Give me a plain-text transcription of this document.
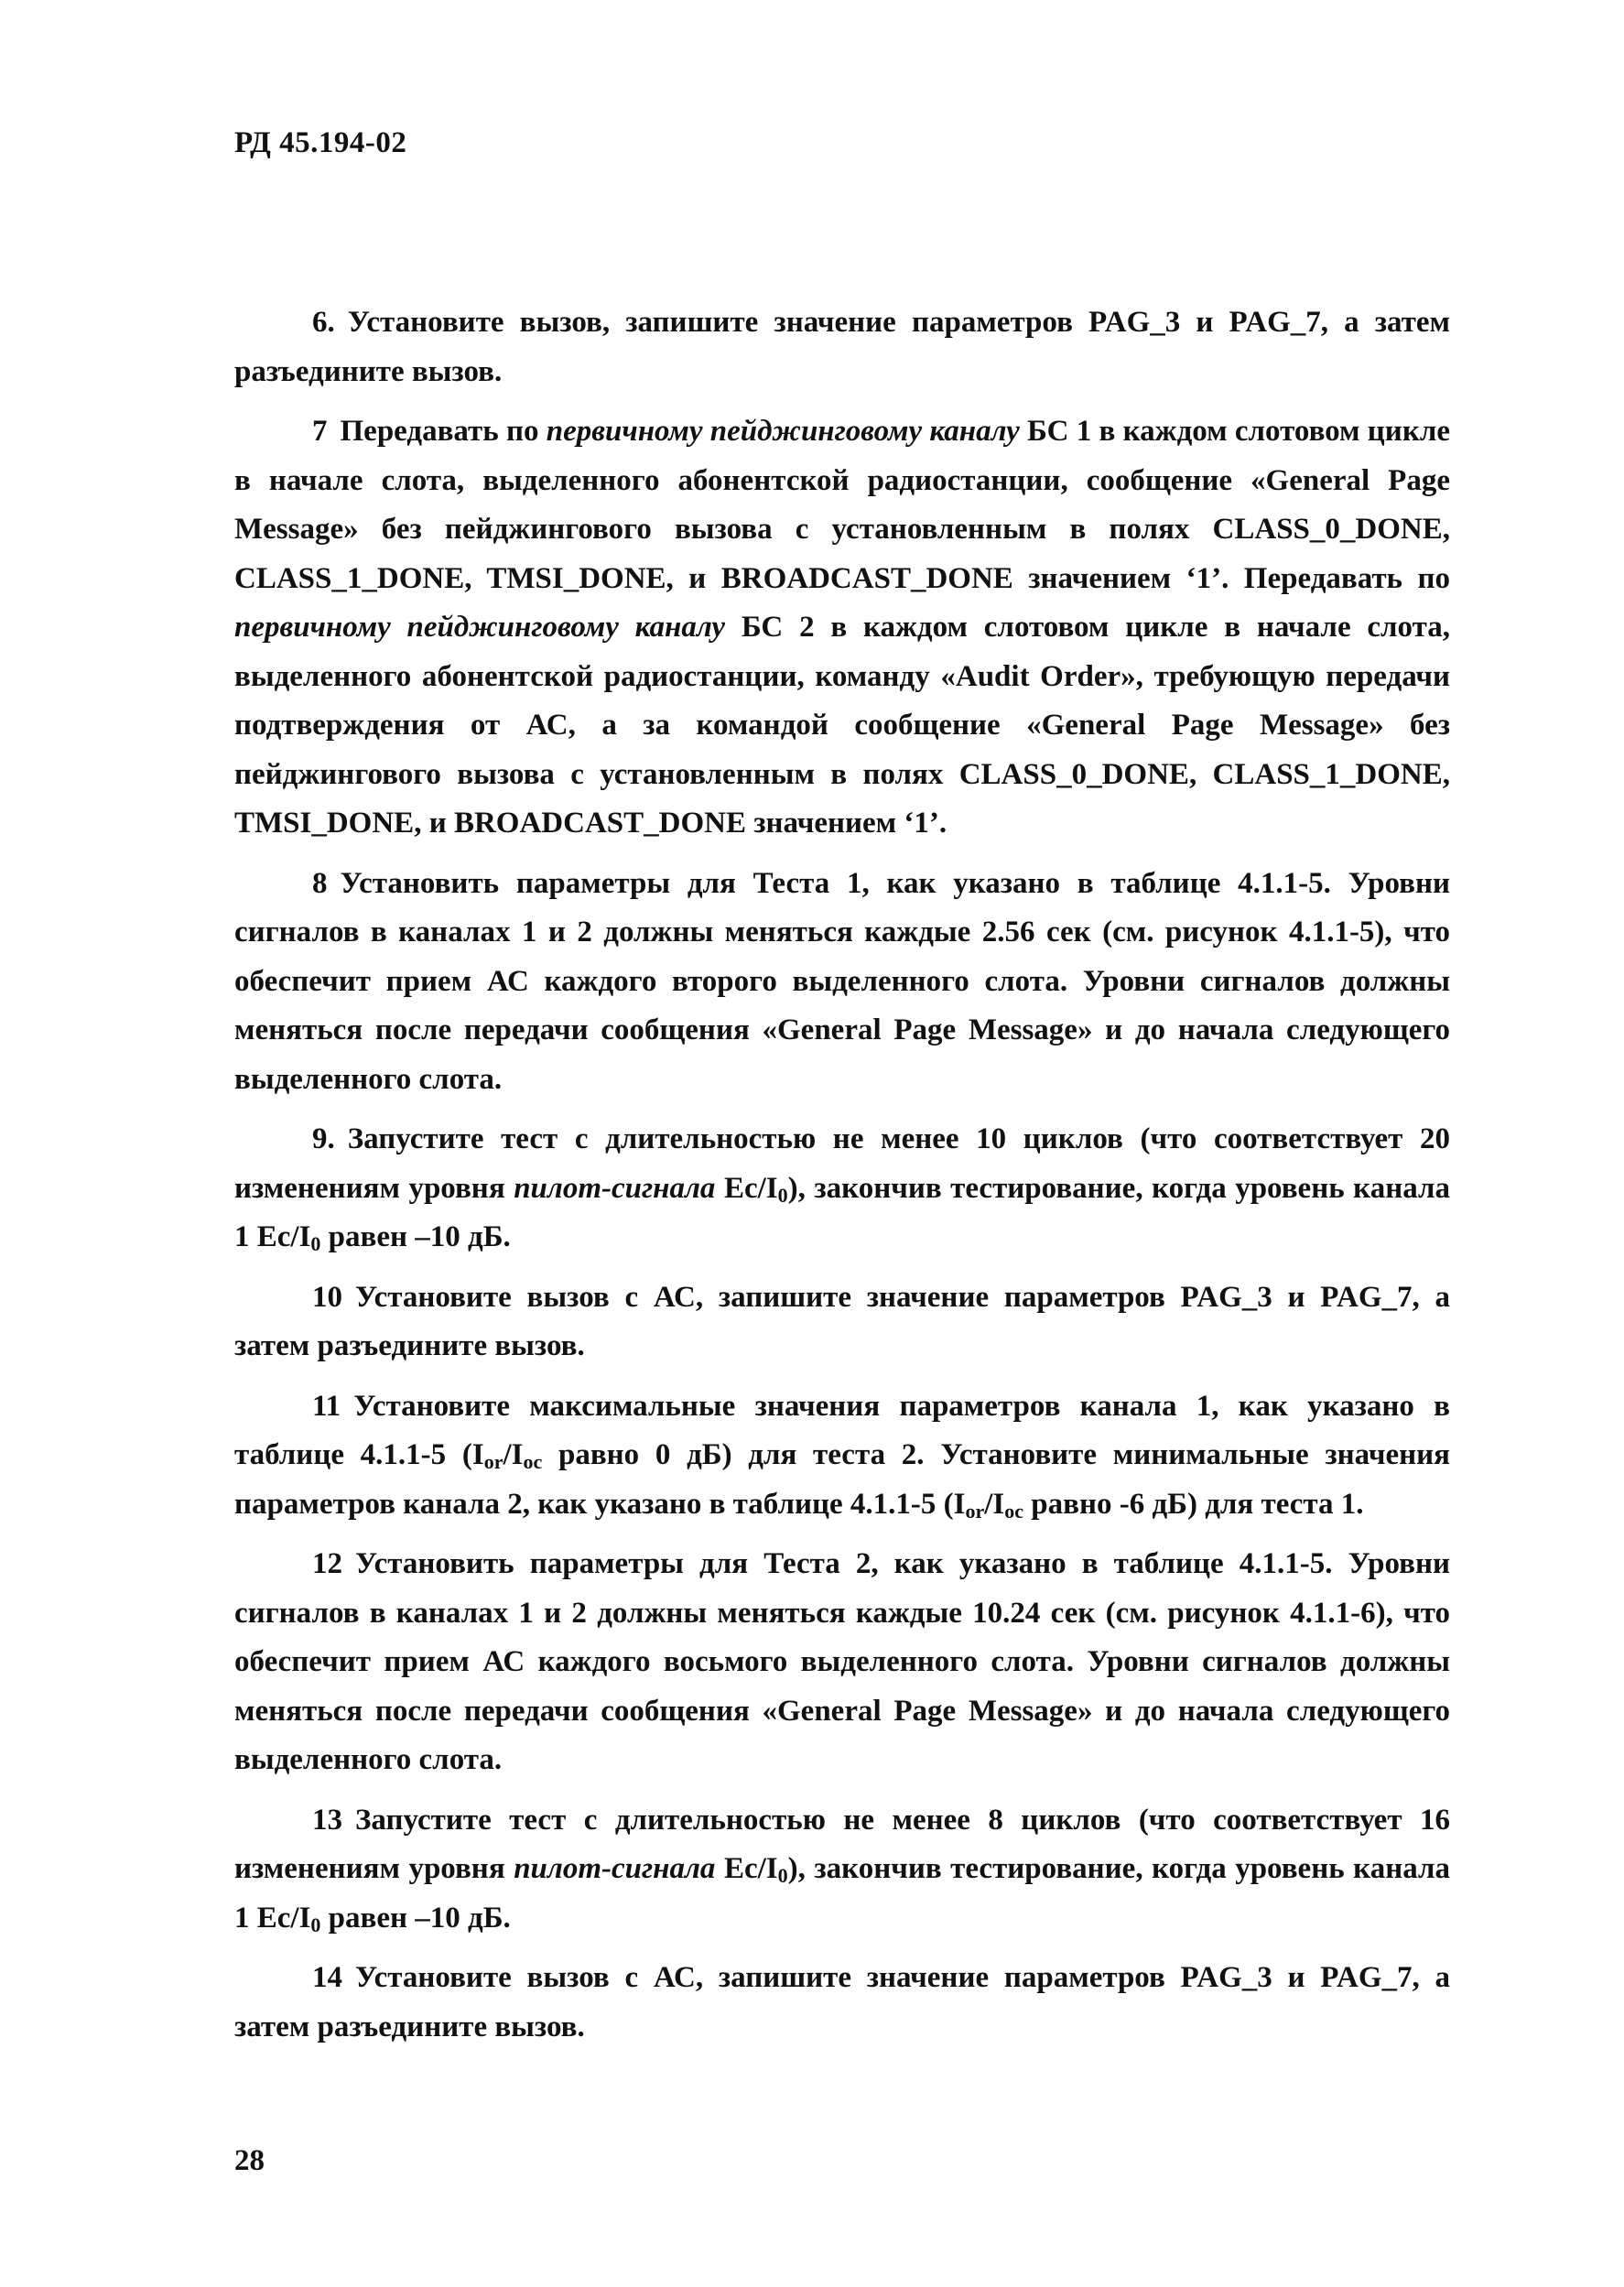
РД 45.194-02

6. Установите вызов, запишите значение параметров PAG_3 и PAG_7, а затем разъедините вызов.

7 Передавать по первичному пейджинговому каналу БС 1 в каждом слотовом цикле в начале слота, выделенного абонентской радиостанции, сообщение «General Page Message» без пейджингового вызова с установленным в полях CLASS_0_DONE, CLASS_1_DONE, TMSI_DONE, и BROADCAST_DONE значением ‘1’. Передавать по первичному пейджинговому каналу БС 2 в каждом слотовом цикле в начале слота, выделенного абонентской радиостанции, команду «Audit Order», требующую передачи подтверждения от АС, а за командой сообщение «General Page Message» без пейджингового вызова с установленным в полях CLASS_0_DONE, CLASS_1_DONE, TMSI_DONE, и BROADCAST_DONE значением ‘1’.

8 Установить параметры для Теста 1, как указано в таблице 4.1.1-5. Уровни сигналов в каналах 1 и 2 должны меняться каждые 2.56 сек (см. рисунок 4.1.1-5), что обеспечит прием АС каждого второго выделенного слота. Уровни сигналов должны меняться после передачи сообщения «General Page Message» и до начала следующего выделенного слота.

9. Запустите тест с длительностью не менее 10 циклов (что соответствует 20 изменениям уровня пилот-сигнала $Ec/I_0$), закончив тестирование, когда уровень канала 1 $Ec/I_0$ равен –10 дБ.

10 Установите вызов с АС, запишите значение параметров PAG_3 и PAG_7, а затем разъедините вызов.

11 Установите максимальные значения параметров канала 1, как указано в таблице 4.1.1-5 ($I_{or}/I_{oc}$ равно 0 дБ) для теста 2. Установите минимальные значения параметров канала 2, как указано в таблице 4.1.1-5 ($I_{or}/I_{oc}$ равно -6 дБ) для теста 1.

12 Установить параметры для Теста 2, как указано в таблице 4.1.1-5. Уровни сигналов в каналах 1 и 2 должны меняться каждые 10.24 сек (см. рисунок 4.1.1-6), что обеспечит прием АС каждого восьмого выделенного слота. Уровни сигналов должны меняться после передачи сообщения «General Page Message» и до начала следующего выделенного слота.

13 Запустите тест с длительностью не менее 8 циклов (что соответствует 16 изменениям уровня пилот-сигнала $Ec/I_0$), закончив тестирование, когда уровень канала 1 $Ec/I_0$ равен –10 дБ.

14 Установите вызов с АС, запишите значение параметров PAG_3 и PAG_7, а затем разъедините вызов.

28
